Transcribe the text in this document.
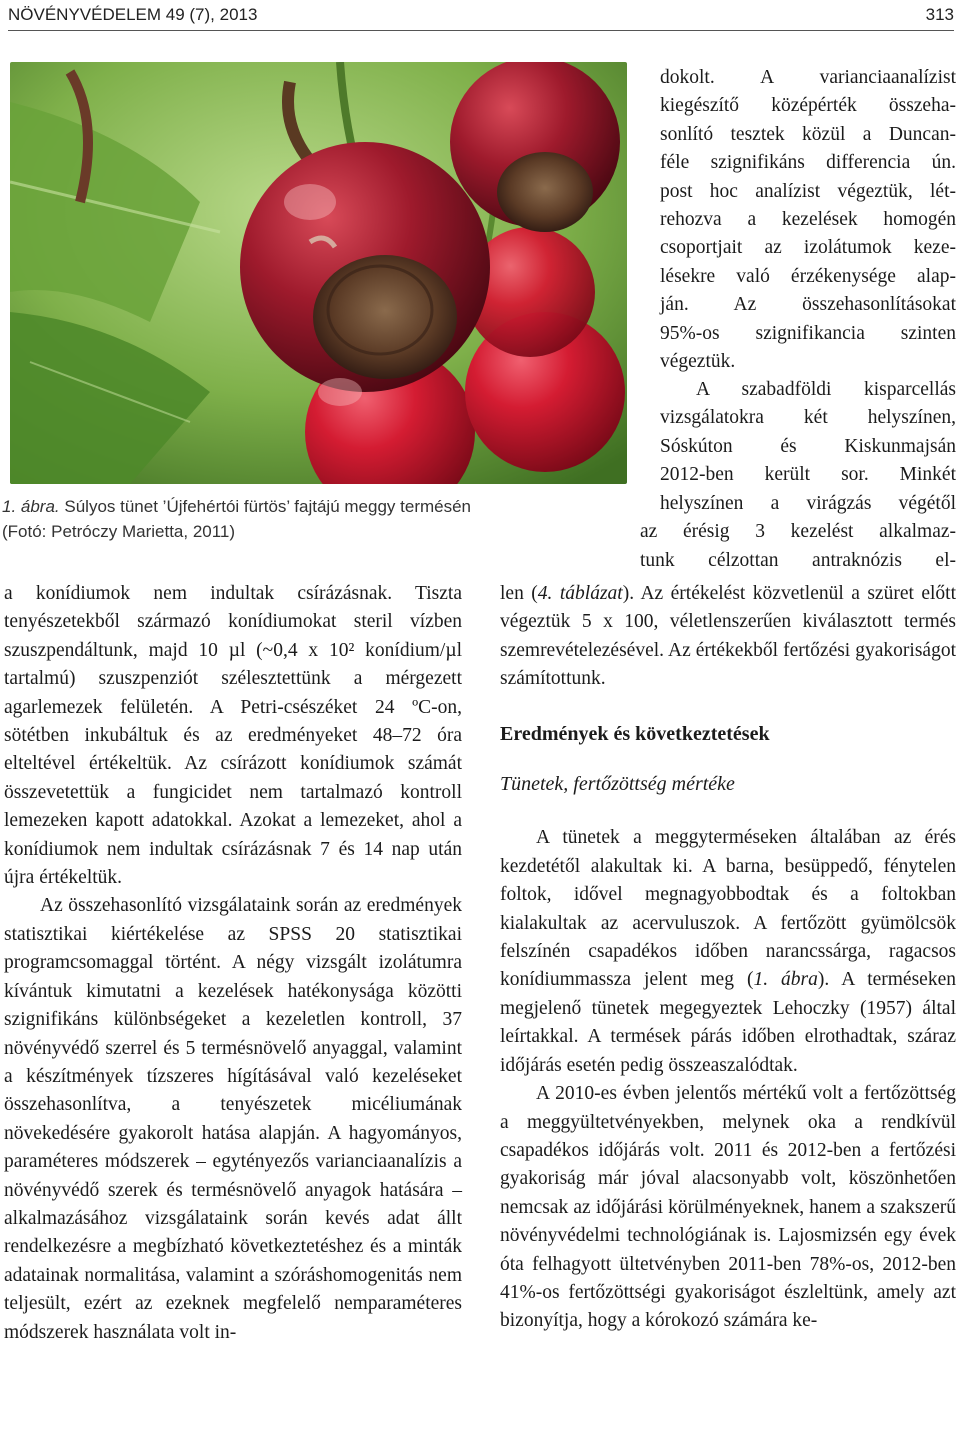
NÖVÉNYVÉDELEM 49 (7), 2013	313

1. ábra. Súlyos tünet ’Újfehértói fürtös’ fajtájú meggy termésén

(Fotó: Petróczy Marietta, 2011)

dokolt. A varianciaanalízist
kiegészítő középérték összeha-
sonlító tesztek közül a Duncan-
féle szignifikáns differencia ún.
post hoc analízist végeztük, lét-
rehozva a kezelések homogén
csoportjait az izolátumok keze-
lésekre való érzékenysége alap-
ján. Az összehasonlításokat
95%-os szignifikancia szinten
végeztük.
A szabadföldi kisparcellás
vizsgálatokra két helyszínen,
Sóskúton és Kiskunmajsán
2012-ben került sor. Minkét
helyszínen a virágzás végétől
az érésig 3 kezelést alkalmaz-
tunk célzottan antraknózis el-

a konídiumok nem indultak csírázásnak. Tiszta tenyészetekből származó konídiumokat steril vízben szuszpendáltunk, majd 10 µl (~0,4 x 10² konídium/µl tartalmú) szuszpenziót szélesztettünk a mérgezett agarlemezek felületén. A Petri-csészéket 24 ºC-on, sötétben inkubáltuk és az eredményeket 48–72 óra elteltével értékeltük. Az csírázott konídiumok számát összevetettük a fungicidet nem tartalmazó kontroll lemezeken kapott adatokkal. Azokat a lemezeket, ahol a konídiumok nem indultak csírázásnak 7 és 14 nap után újra értékeltük.

Az összehasonlító vizsgálataink során az eredmények statisztikai kiértékelése az SPSS 20 statisztikai programcsomaggal történt. A négy vizsgált izolátumra kívántuk kimutatni a kezelések hatékonysága közötti szignifikáns különbségeket a kezeletlen kontroll, 37 növényvédő szerrel és 5 termésnövelő anyaggal, valamint a készítmények tízszeres hígításával való kezeléseket összehasonlítva, a tenyészetek micéliumának növekedésére gyakorolt hatása alapján. A hagyományos, paraméteres módszerek – egytényezős varianciaanalízis a növényvédő szerek és termésnövelő anyagok hatására – alkalmazásához vizsgálataink során kevés adat állt rendelkezésre a megbízható következtetéshez és a minták adatainak normalitása, valamint a szóráshomogenitás nem teljesült, ezért az ezeknek megfelelő nemparaméteres módszerek használata volt in-

len (4. táblázat). Az értékelést közvetlenül a szüret előtt végeztük 5 x 100, véletlenszerűen kiválasztott termés szemrevételezésével. Az értékekből fertőzési gyakoriságot számítottunk.

Eredmények és következtetések

Tünetek, fertőzöttség mértéke

A tünetek a meggyterméseken általában az érés kezdetétől alakultak ki. A barna, besüppedő, fénytelen foltok, idővel megnagyobbodtak és a foltokban kialakultak az acervuluszok. A fertőzött gyümölcsök felszínén csapadékos időben narancssárga, ragacsos konídiummassza jelent meg (1. ábra). A terméseken megjelenő tünetek megegyeztek Lehoczky (1957) által leírtakkal. A termések párás időben elrothadtak, száraz időjárás esetén pedig összeaszalódtak.

A 2010-es évben jelentős mértékű volt a fertőzöttség a meggyültetvényekben, melynek oka a rendkívül csapadékos időjárás volt. 2011 és 2012-ben a fertőzési gyakoriság már jóval alacsonyabb volt, köszönhetően nemcsak az időjárási körülményeknek, hanem a szakszerű növényvédelmi technológiának is. Lajosmizsén egy évek óta felhagyott ültetvényben 2011-ben 78%-os, 2012-ben 41%-os fertőzöttségi gyakoriságot észleltünk, amely azt bizonyítja, hogy a kórokozó számára ke-
